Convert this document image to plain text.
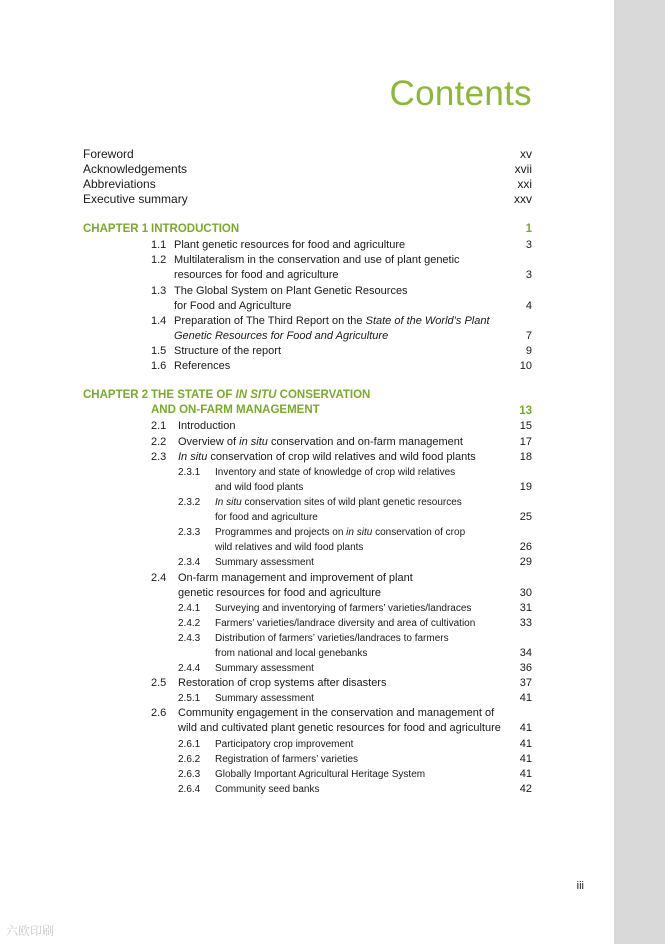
Contents
Foreword	xv
Acknowledgements	xvii
Abbreviations	xxi
Executive summary	xxv
CHAPTER 1 INTRODUCTION	1
1.1 Plant genetic resources for food and agriculture	3
1.2 Multilateralism in the conservation and use of plant genetic
resources for food and agriculture	3
1.3 The Global System on Plant Genetic Resources
for Food and Agriculture	4
1.4 Preparation of The Third Report on the State of the World’s Plant
Genetic Resources for Food and Agriculture	7
1.5 Structure of the report	9
1.6 References	10
CHAPTER 2 THE STATE OF IN SITU CONSERVATION
AND ON-FARM MANAGEMENT	13
2.1 Introduction	15
2.2 Overview of in situ conservation and on-farm management	17
2.3 In situ conservation of crop wild relatives and wild food plants	18
2.3.1 Inventory and state of knowledge of crop wild relatives
and wild food plants	19
2.3.2 In situ conservation sites of wild plant genetic resources
for food and agriculture	25
2.3.3 Programmes and projects on in situ conservation of crop
wild relatives and wild food plants	26
2.3.4 Summary assessment	29
2.4 On-farm management and improvement of plant
genetic resources for food and agriculture	30
2.4.1 Surveying and inventorying of farmers’ varieties/landraces	31
2.4.2 Farmers’ varieties/landrace diversity and area of cultivation	33
2.4.3 Distribution of farmers’ varieties/landraces to farmers
from national and local genebanks	34
2.4.4 Summary assessment	36
2.5 Restoration of crop systems after disasters	37
2.5.1 Summary assessment	41
2.6 Community engagement in the conservation and management of
wild and cultivated plant genetic resources for food and agriculture 41
2.6.1 Participatory crop improvement	41
2.6.2 Registration of farmers’ varieties	41
2.6.3 Globally Important Agricultural Heritage System	41
2.6.4 Community seed banks	42
iii
六欧印刷
